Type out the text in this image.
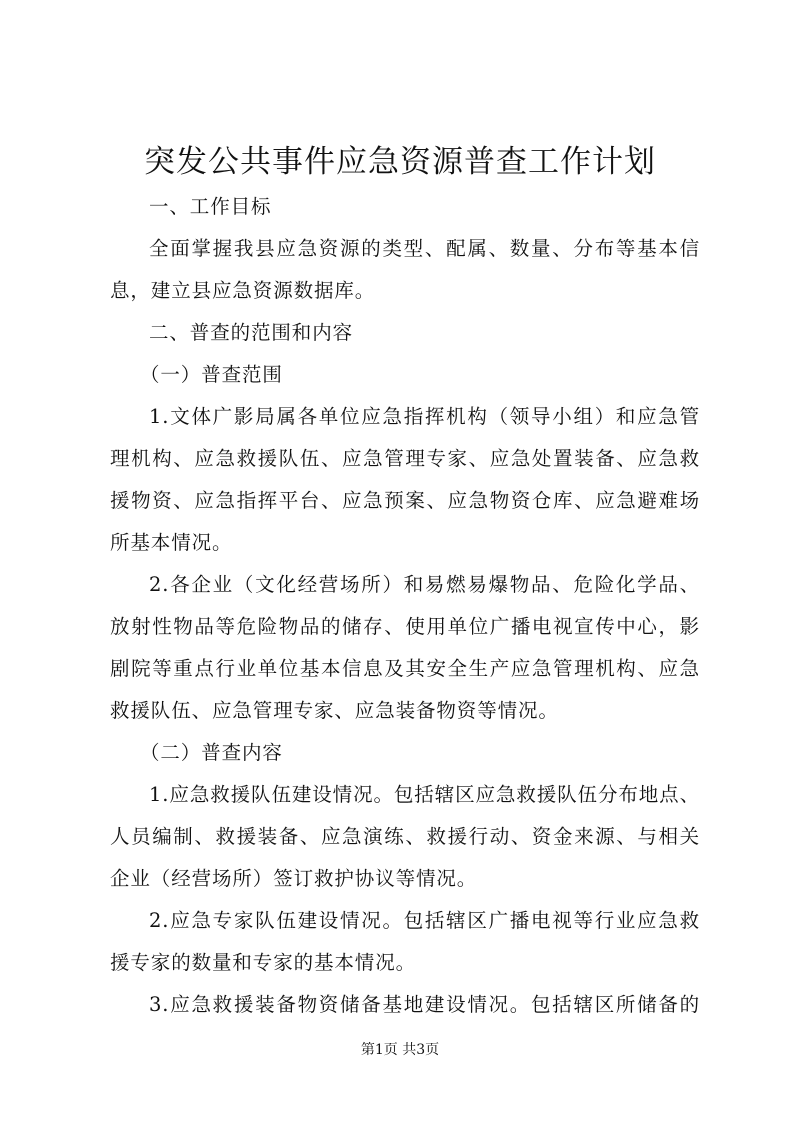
突发公共事件应急资源普查工作计划
一、工作目标
全面掌握我县应急资源的类型、配属、数量、分布等基本信
息，建立县应急资源数据库。
二、普查的范围和内容
（一）普查范围
1.文体广影局属各单位应急指挥机构（领导小组）和应急管
理机构、应急救援队伍、应急管理专家、应急处置装备、应急救
援物资、应急指挥平台、应急预案、应急物资仓库、应急避难场
所基本情况。
2.各企业（文化经营场所）和易燃易爆物品、危险化学品、
放射性物品等危险物品的储存、使用单位广播电视宣传中心，影
剧院等重点行业单位基本信息及其安全生产应急管理机构、应急
救援队伍、应急管理专家、应急装备物资等情况。
（二）普查内容
1.应急救援队伍建设情况。包括辖区应急救援队伍分布地点、
人员编制、救援装备、应急演练、救援行动、资金来源、与相关
企业（经营场所）签订救护协议等情况。
2.应急专家队伍建设情况。包括辖区广播电视等行业应急救
援专家的数量和专家的基本情况。
3.应急救援装备物资储备基地建设情况。包括辖区所储备的
第1页 共3页
